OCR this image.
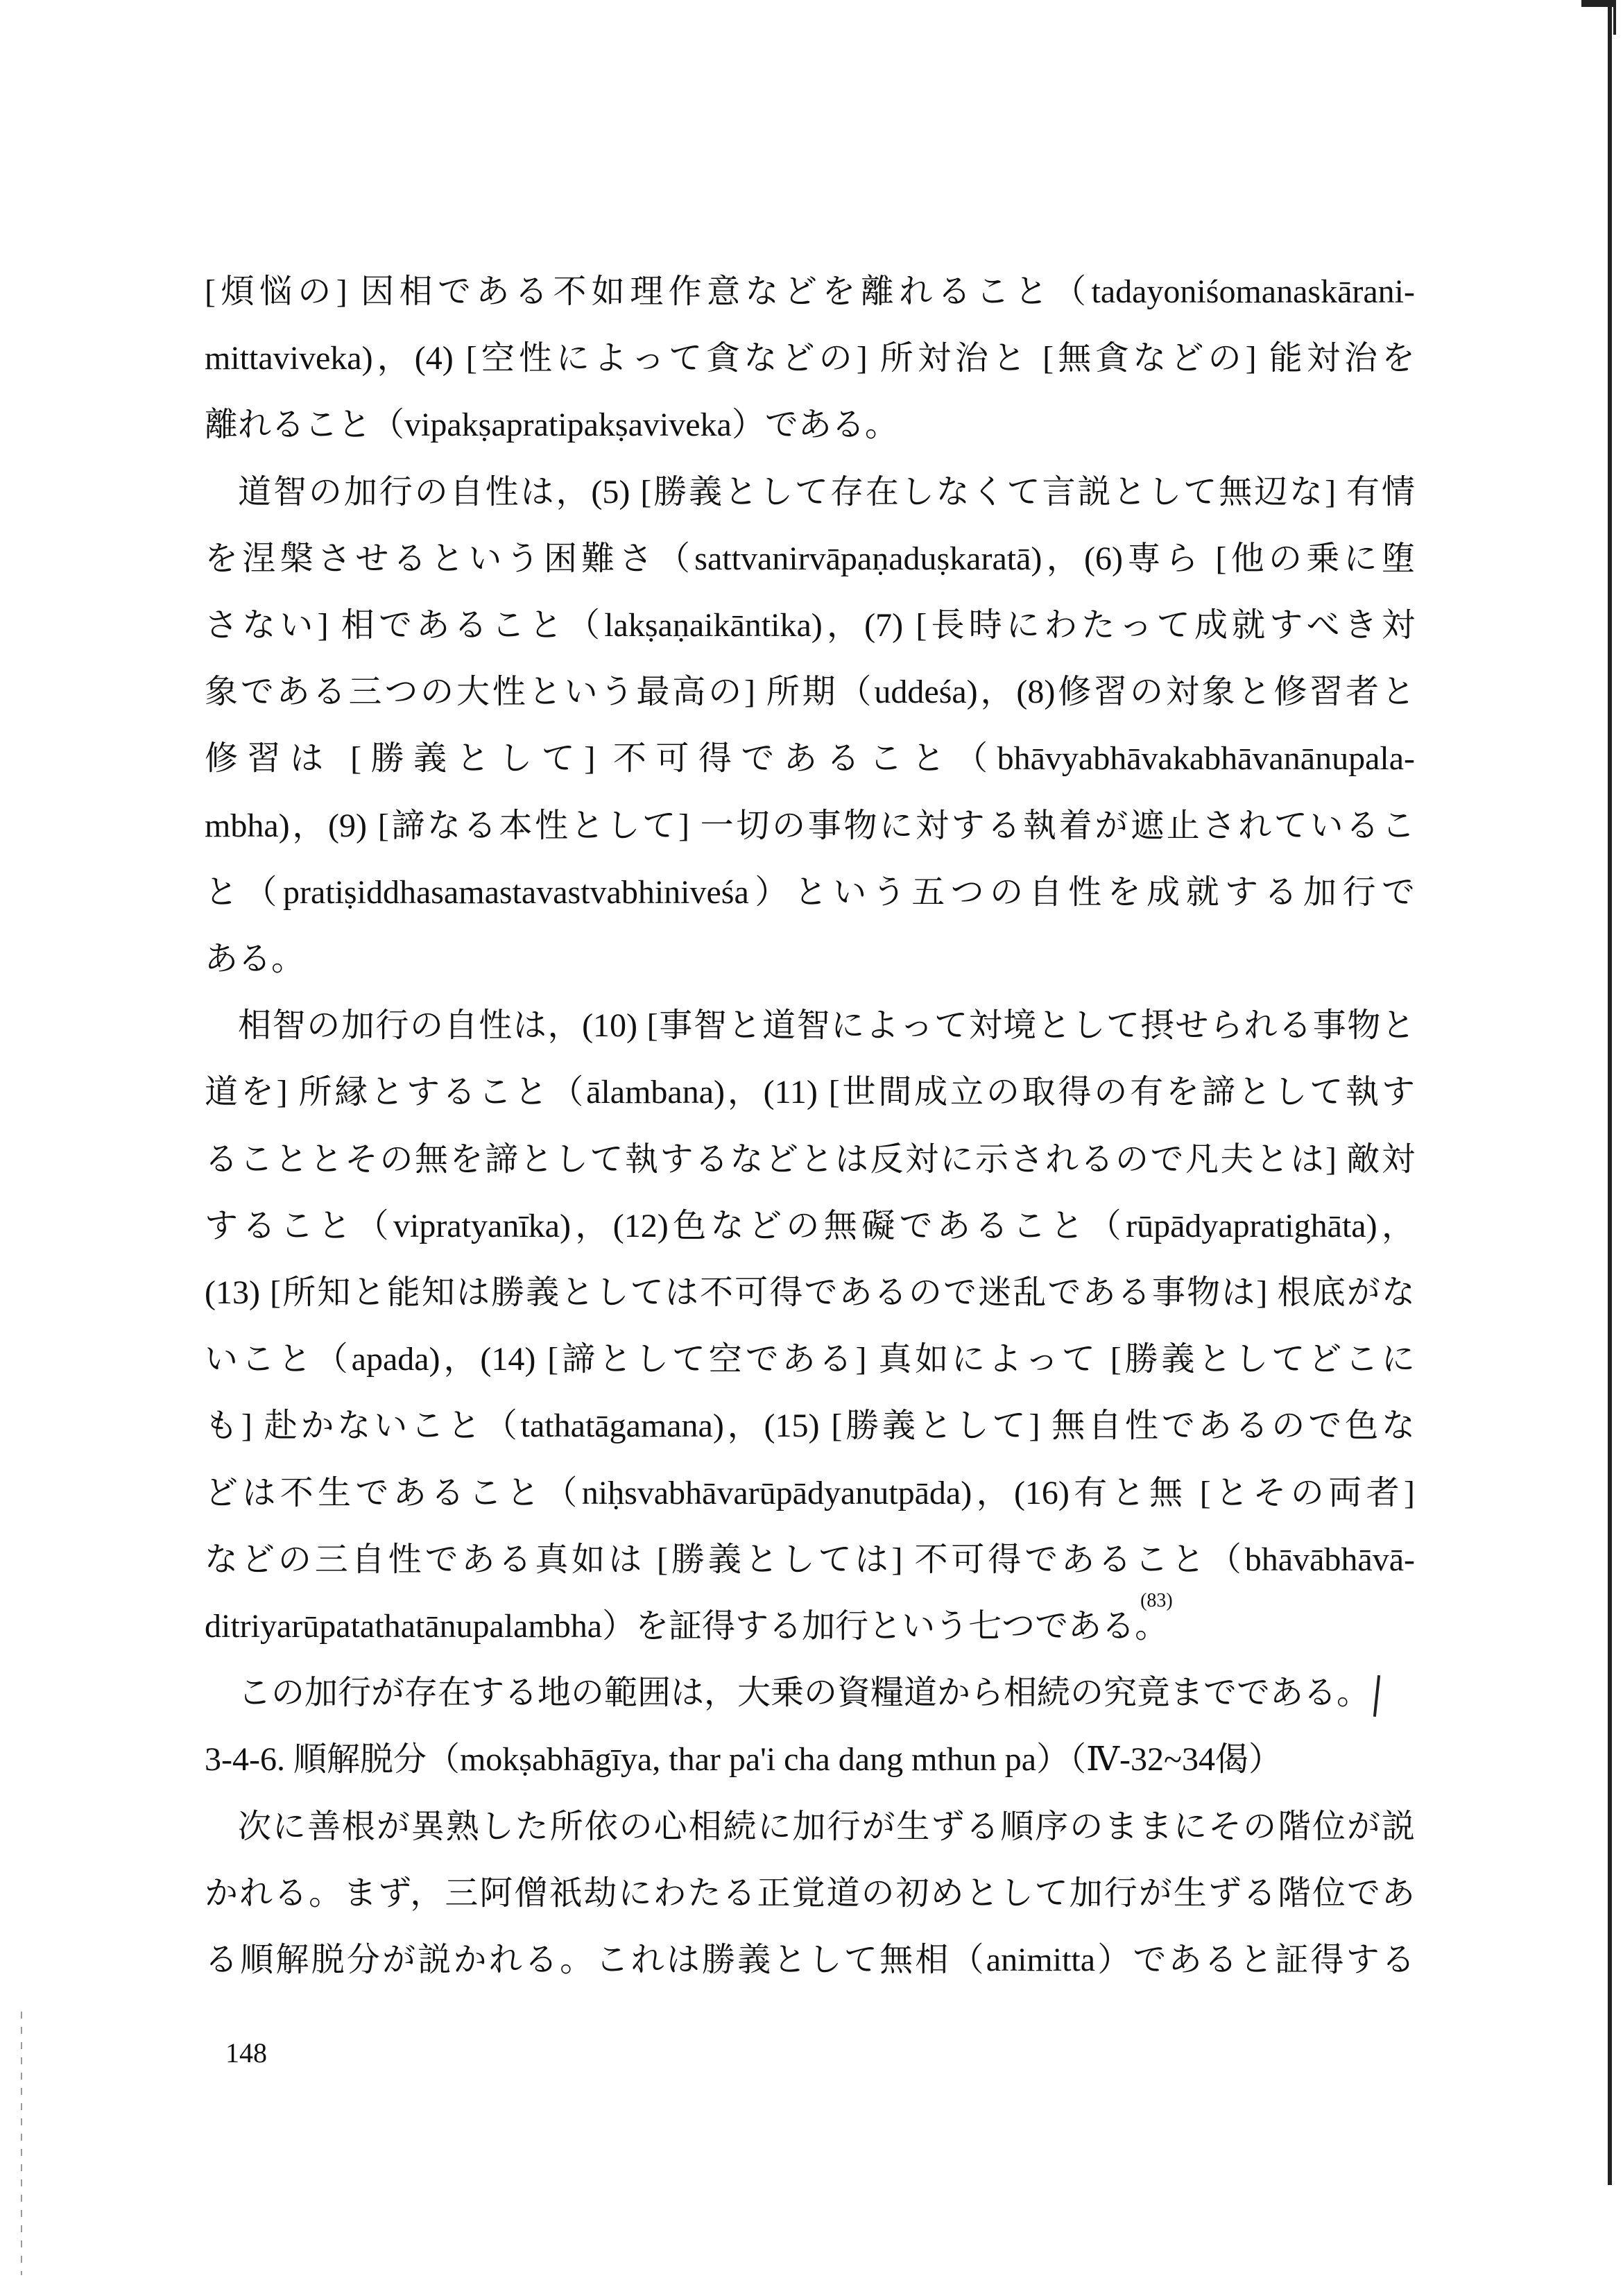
[煩悩の] 因相である不如理作意などを離れること（tadayoniśomanaskārani-
mittaviveka)，(4) [空性によって貪などの] 所対治と [無貪などの] 能対治を
離れること（vipakṣapratipakṣaviveka）である。
道智の加行の自性は，(5) [勝義として存在しなくて言説として無辺な] 有情
を涅槃させるという困難さ（sattvanirvāpaṇaduṣkaratā)，(6)専ら [他の乗に堕
さない] 相であること（lakṣaṇaikāntika)，(7) [長時にわたって成就すべき対
象である三つの大性という最高の] 所期（uddeśa)，(8)修習の対象と修習者と
修習は [勝義として] 不可得であること（bhāvyabhāvakabhāvanānupala-
mbha)，(9) [諦なる本性として] 一切の事物に対する執着が遮止されているこ
と（pratiṣiddhasamastavastvabhiniveśa）という五つの自性を成就する加行で
ある。
相智の加行の自性は，(10) [事智と道智によって対境として摂せられる事物と
道を] 所縁とすること（ālambana)，(11) [世間成立の取得の有を諦として執す
ることとその無を諦として執するなどとは反対に示されるので凡夫とは] 敵対
すること（vipratyanīka)，(12)色などの無礙であること（rūpādyapratighāta)，
(13) [所知と能知は勝義としては不可得であるので迷乱である事物は] 根底がな
いこと（apada)，(14) [諦として空である] 真如によって [勝義としてどこに
も] 赴かないこと（tathatāgamana)，(15) [勝義として] 無自性であるので色な
どは不生であること（niḥsvabhāvarūpādyanutpāda)，(16)有と無 [とその両者]
などの三自性である真如は [勝義としては] 不可得であること（bhāvābhāvā-
ditriyarūpatathatānupalambha）を証得する加行という七つである。(83)
この加行が存在する地の範囲は，大乗の資糧道から相続の究竟までである。
3-4-6. 順解脱分（mokṣabhāgīya, thar pa'i cha dang mthun pa）（Ⅳ-32~34偈）
次に善根が異熟した所依の心相続に加行が生ずる順序のままにその階位が説
かれる。まず，三阿僧祇劫にわたる正覚道の初めとして加行が生ずる階位であ
る順解脱分が説かれる。これは勝義として無相（animitta）であると証得する
148
